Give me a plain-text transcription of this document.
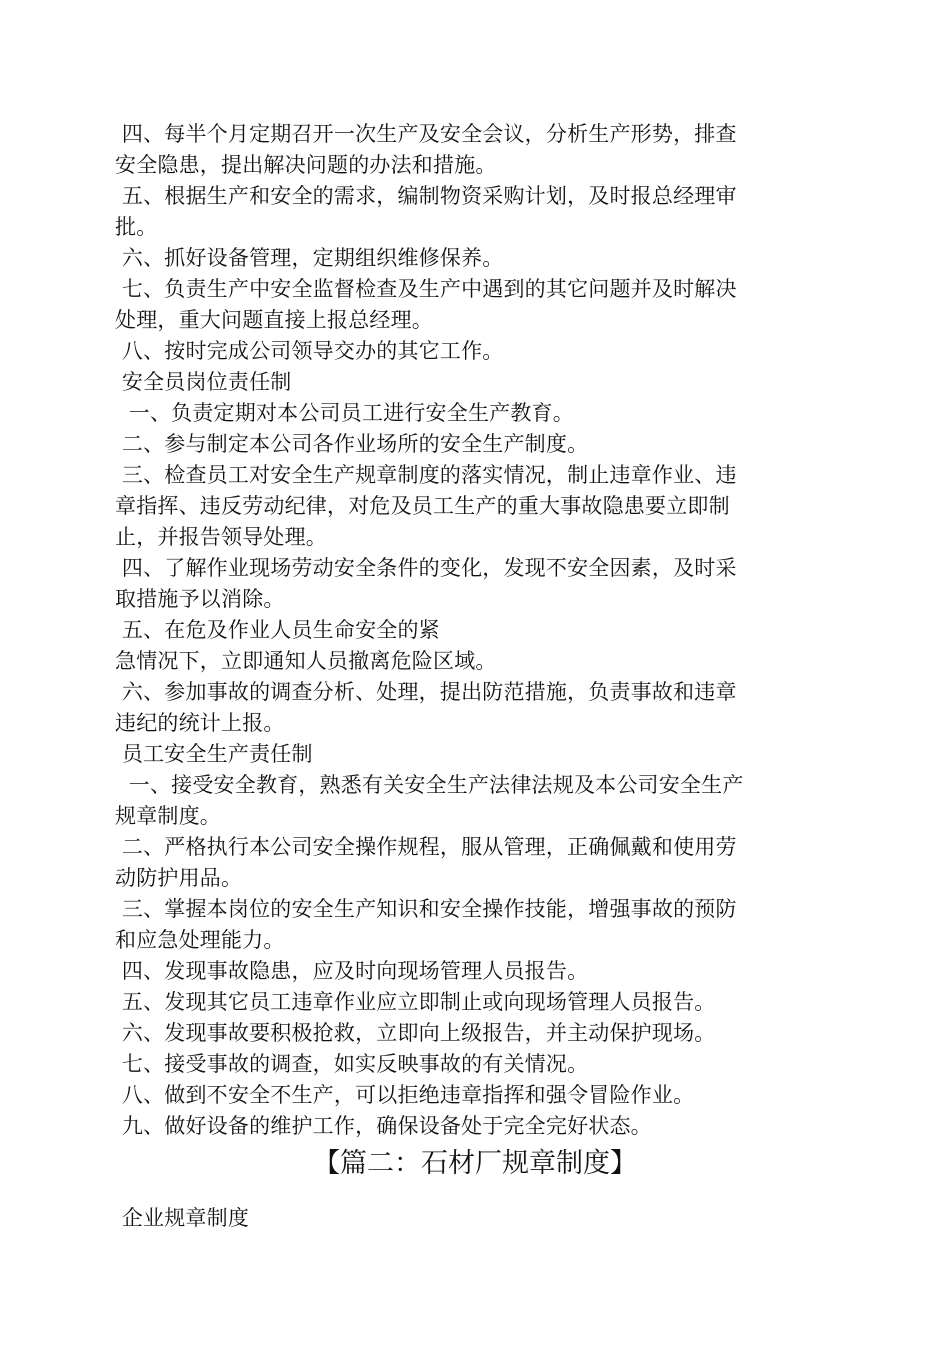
四、每半个月定期召开一次生产及安全会议，分析生产形势，排查
安全隐患，提出解决问题的办法和措施。
五、根据生产和安全的需求，编制物资采购计划，及时报总经理审
批。
六、抓好设备管理，定期组织维修保养。
七、负责生产中安全监督检查及生产中遇到的其它问题并及时解决
处理，重大问题直接上报总经理。
八、按时完成公司领导交办的其它工作。
安全员岗位责任制
一、负责定期对本公司员工进行安全生产教育。
二、参与制定本公司各作业场所的安全生产制度。
三、检查员工对安全生产规章制度的落实情况，制止违章作业、违
章指挥、违反劳动纪律，对危及员工生产的重大事故隐患要立即制
止，并报告领导处理。
四、了解作业现场劳动安全条件的变化，发现不安全因素，及时采
取措施予以消除。
五、在危及作业人员生命安全的紧
急情况下，立即通知人员撤离危险区域。
六、参加事故的调查分析、处理，提出防范措施，负责事故和违章
违纪的统计上报。
员工安全生产责任制
一、接受安全教育，熟悉有关安全生产法律法规及本公司安全生产
规章制度。
二、严格执行本公司安全操作规程，服从管理，正确佩戴和使用劳
动防护用品。
三、掌握本岗位的安全生产知识和安全操作技能，增强事故的预防
和应急处理能力。
四、发现事故隐患，应及时向现场管理人员报告。
五、发现其它员工违章作业应立即制止或向现场管理人员报告。
六、发现事故要积极抢救，立即向上级报告，并主动保护现场。
七、接受事故的调查，如实反映事故的有关情况。
八、做到不安全不生产，可以拒绝违章指挥和强令冒险作业。
九、做好设备的维护工作，确保设备处于完全完好状态。
【篇二：石材厂规章制度】
企业规章制度
